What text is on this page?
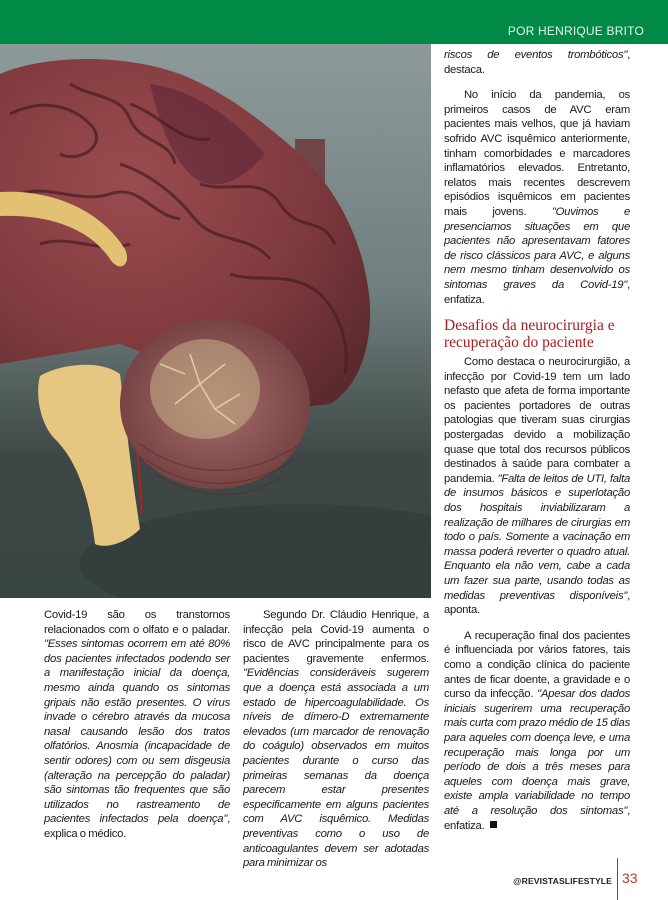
POR HENRIQUE BRITO

riscos de eventos trombóticos", destaca.

No início da pandemia, os primeiros casos de AVC eram pacientes mais velhos, que já haviam sofrido AVC isquêmico anteriormente, tinham comorbidades e marcadores inflamatórios elevados. Entretanto, relatos mais recentes descrevem episódios isquêmicos em pacientes mais jovens. "Ouvimos e presenciamos situações em que pacientes não apresentavam fatores de risco clássicos para AVC, e alguns nem mesmo tinham desenvolvido os sintomas graves da Covid-19", enfatiza.

Desafios da neurocirurgia e recuperação do paciente

Como destaca o neurocirurgião, a infecção por Covid-19 tem um lado nefasto que afeta de forma importante os pacientes portadores de outras patologias que tiveram suas cirurgias postergadas devido a mobilização quase que total dos recursos públicos destinados à saúde para combater a pandemia. "Falta de leitos de UTI, falta de insumos básicos e superlotação dos hospitais inviabilizaram a realização de milhares de cirurgias em todo o país. Somente a vacinação em massa poderá reverter o quadro atual. Enquanto ela não vem, cabe a cada um fazer sua parte, usando todas as medidas preventivas disponíveis", aponta.

A recuperação final dos pacientes é influenciada por vários fatores, tais como a condição clínica do paciente antes de ficar doente, a gravidade e o curso da infecção. "Apesar dos dados iniciais sugerirem uma recuperação mais curta com prazo médio de 15 dias para aqueles com doença leve, e uma recuperação mais longa por um período de dois a três meses para aqueles com doença mais grave, existe ampla variabilidade no tempo até a resolução dos sintomas", enfatiza.

Covid-19 são os transtornos relacionados com o olfato e o paladar. "Esses sintomas ocorrem em até 80% dos pacientes infectados podendo ser a manifestação inicial da doença, mesmo ainda quando os sintomas gripais não estão presentes. O vírus invade o cérebro através da mucosa nasal causando lesão dos tratos olfatórios. Anosmia (incapacidade de sentir odores) com ou sem disgeusia (alteração na percepção do paladar) são sintomas tão frequentes que são utilizados no rastreamento de pacientes infectados pela doença", explica o médico.

Segundo Dr. Cláudio Henrique, a infecção pela Covid-19 aumenta o risco de AVC principalmente para os pacientes gravemente enfermos. "Evidências consideráveis sugerem que a doença está associada a um estado de hipercoagulabilidade. Os níveis de dímero-D extremamente elevados (um marcador de renovação do coágulo) observados em muitos pacientes durante o curso das primeiras semanas da doença parecem estar presentes especificamente em alguns pacientes com AVC isquêmico. Medidas preventivas como o uso de anticoagulantes devem ser adotadas para minimizar os

@REVISTASLIFESTYLE 33
